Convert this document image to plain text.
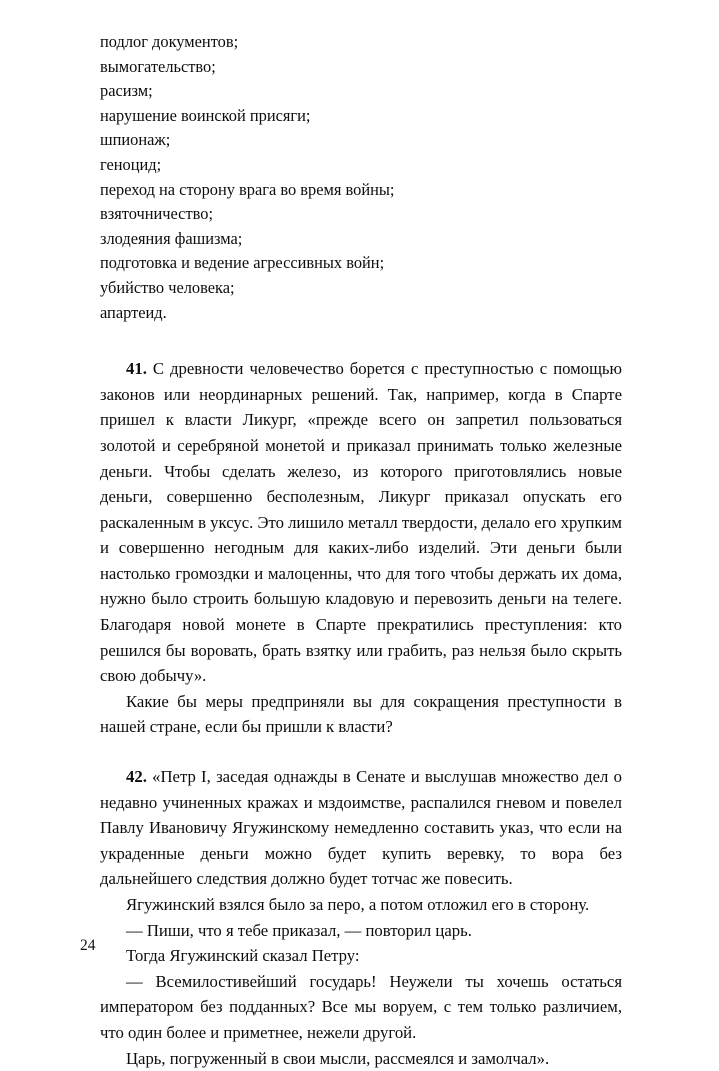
подлог документов;
вымогательство;
расизм;
нарушение воинской присяги;
шпионаж;
геноцид;
переход на сторону врага во время войны;
взяточничество;
злодеяния фашизма;
подготовка и ведение агрессивных войн;
убийство человека;
апартеид.

41. С древности человечество борется с преступностью с помощью законов или неординарных решений. Так, например, когда в Спарте пришел к власти Ликург, «прежде всего он запретил пользоваться золотой и серебряной монетой и приказал принимать только железные деньги. Чтобы сделать железо, из которого приготовлялись новые деньги, совершенно бесполезным, Ликург приказал опускать его раскаленным в уксус. Это лишило металл твердости, делало его хрупким и совершенно негодным для каких-либо изделий. Эти деньги были настолько громоздки и малоценны, что для того чтобы держать их дома, нужно было строить большую кладовую и перевозить деньги на телеге. Благодаря новой монете в Спарте прекратились преступления: кто решился бы воровать, брать взятку или грабить, раз нельзя было скрыть свою добычу».

Какие бы меры предприняли вы для сокращения преступности в нашей стране, если бы пришли к власти?

42. «Петр I, заседая однажды в Сенате и выслушав множество дел о недавно учиненных кражах и мздоимстве, распалился гневом и повелел Павлу Ивановичу Ягужинскому немедленно составить указ, что если на украденные деньги можно будет купить веревку, то вора без дальнейшего следствия должно будет тотчас же повесить.

Ягужинский взялся было за перо, а потом отложил его в сторону.

— Пиши, что я тебе приказал, — повторил царь.

Тогда Ягужинский сказал Петру:

— Всемилостивейший государь! Неужели ты хочешь остаться императором без подданных? Все мы воруем, с тем только различием, что один более и приметнее, нежели другой.

Царь, погруженный в свои мысли, рассмеялся и замолчал».

24
